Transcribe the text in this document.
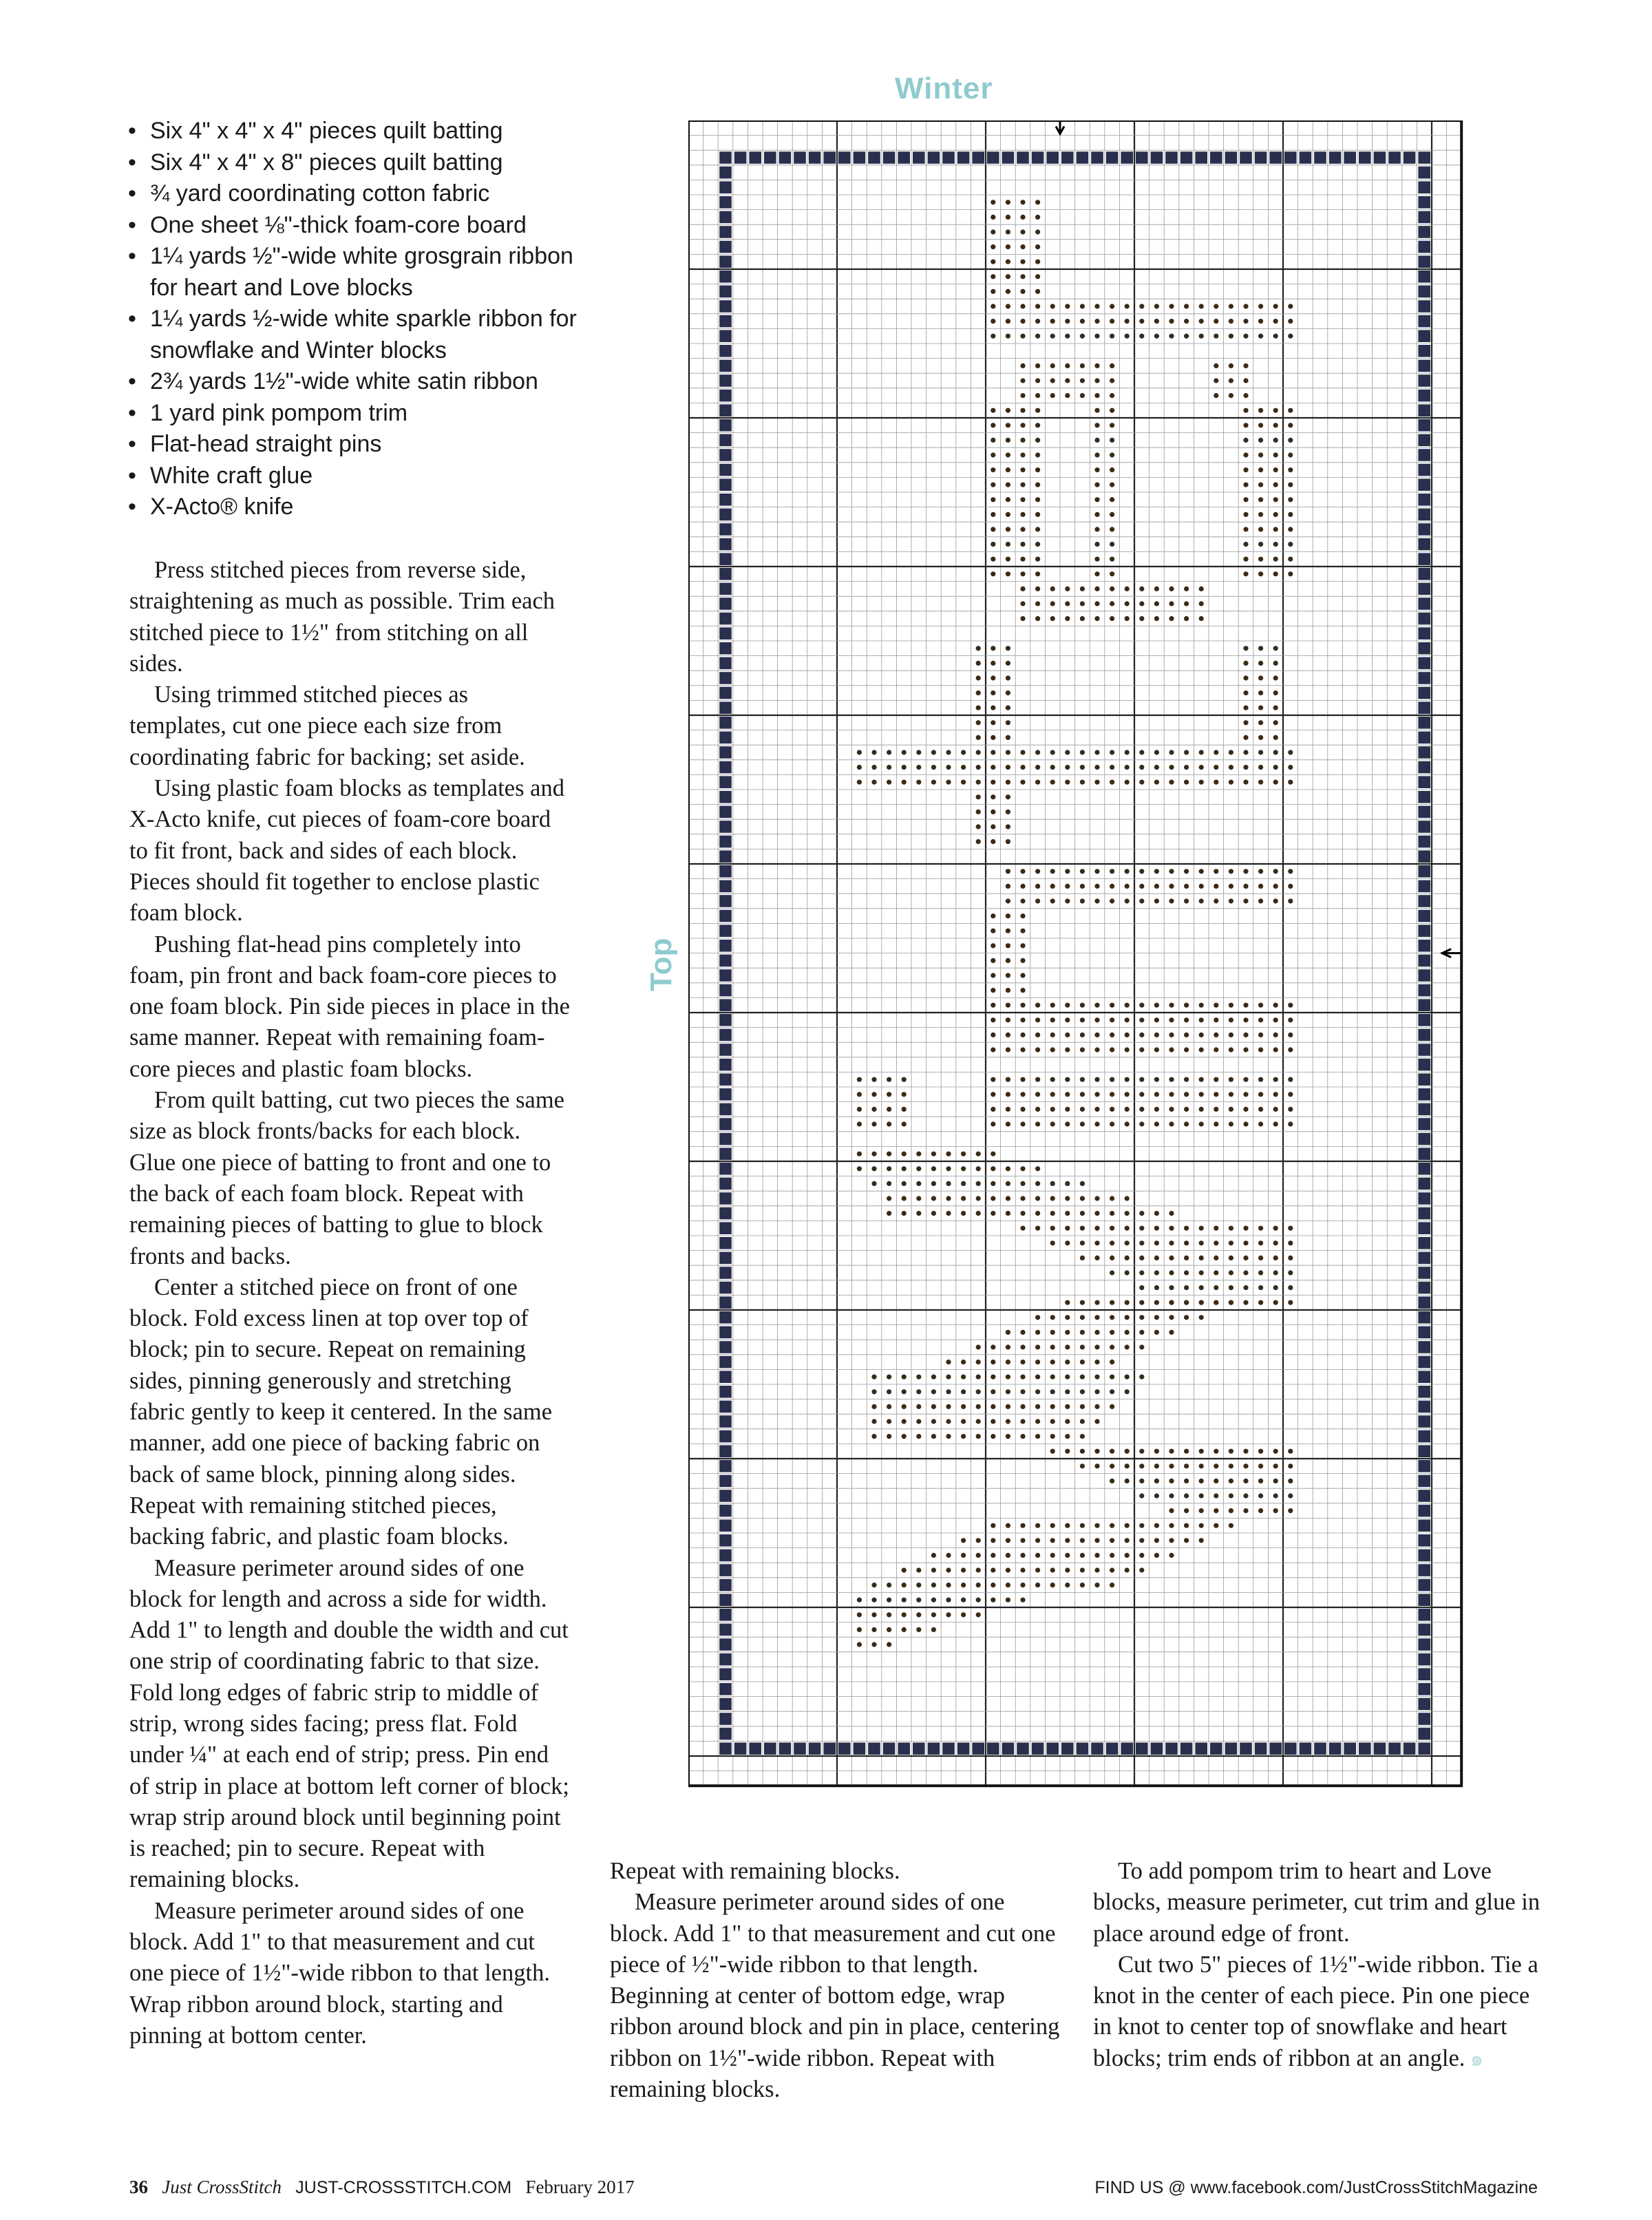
• Six 4" x 4" x 4" pieces quilt batting
• Six 4" x 4" x 8" pieces quilt batting
• ¾ yard coordinating cotton fabric
• One sheet ⅛"-thick foam-core board
• 1¼ yards ½"-wide white grosgrain ribbon for heart and Love blocks
• 1¼ yards ½-wide white sparkle ribbon for snowflake and Winter blocks
• 2¾ yards 1½"-wide white satin ribbon
• 1 yard pink pompom trim
• Flat-head straight pins
• White craft glue
• X-Acto® knife

Press stitched pieces from reverse side, straightening as much as possible. Trim each stitched piece to 1½" from stitching on all sides.

Using trimmed stitched pieces as templates, cut one piece each size from coordinating fabric for backing; set aside.

Using plastic foam blocks as templates and X-Acto knife, cut pieces of foam-core board to fit front, back and sides of each block. Pieces should fit together to enclose plastic foam block.

Pushing flat-head pins completely into foam, pin front and back foam-core pieces to one foam block. Pin side pieces in place in the same manner. Repeat with remaining foam-core pieces and plastic foam blocks.

From quilt batting, cut two pieces the same size as block fronts/backs for each block. Glue one piece of batting to front and one to the back of each foam block. Repeat with remaining pieces of batting to glue to block fronts and backs.

Center a stitched piece on front of one block. Fold excess linen at top over top of block; pin to secure. Repeat on remaining sides, pinning generously and stretching fabric gently to keep it centered. In the same manner, add one piece of backing fabric on back of same block, pinning along sides. Repeat with remaining stitched pieces, backing fabric, and plastic foam blocks.

Measure perimeter around sides of one block for length and across a side for width. Add 1" to length and double the width and cut one strip of coordinating fabric to that size. Fold long edges of fabric strip to middle of strip, wrong sides facing; press flat. Fold under ¼" at each end of strip; press. Pin end of strip in place at bottom left corner of block; wrap strip around block until beginning point is reached; pin to secure. Repeat with remaining blocks.

Measure perimeter around sides of one block. Add 1" to that measurement and cut one piece of 1½"-wide ribbon to that length. Wrap ribbon around block, starting and pinning at bottom center.

Repeat with remaining blocks.

Measure perimeter around sides of one block. Add 1" to that measurement and cut one piece of ½"-wide ribbon to that length. Beginning at center of bottom edge, wrap ribbon around block and pin in place, centering ribbon on 1½"-wide ribbon. Repeat with remaining blocks.

To add pompom trim to heart and Love blocks, measure perimeter, cut trim and glue in place around edge of front.

Cut two 5" pieces of 1½"-wide ribbon. Tie a knot in the center of each piece. Pin one piece in knot to center top of snowflake and heart blocks; trim ends of ribbon at an angle. ๑

Winter
Top
36 Just CrossStitch JUST-CROSSSTITCH.COM February 2017	FIND US @ www.facebook.com/JustCrossStitchMagazine
